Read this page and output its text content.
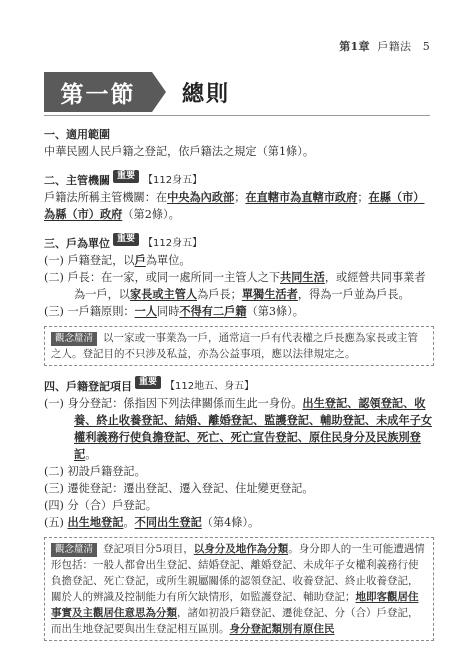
第1章 戶籍法 5
第一節	總則
一、適用範圍

中華民國人民戶籍之登記，依戶籍法之規定（第1條）。

二、主管機關 重要 【112身五】

戶籍法所稱主管機關：在中央為內政部；在直轄市為直轄市政府；在縣（市）為縣（市）政府（第2條）。

三、戶為單位 重要 【112身五】

(一) 戶籍登記，以戶為單位。

(二) 戶長：在一家，或同一處所同一主管人之下共同生活，或經營共同事業者為一戶，以家長或主管人為戶長；單獨生活者，得為一戶並為戶長。

(三) 一戶籍原則：一人同時不得有二戶籍（第3條）。

觀念釐清 以一家或一事業為一戶，通常這一戶有代表權之戶長應為家長或主管之人。登記目的不只涉及私益，亦為公益事項，應以法律規定之。
四、戶籍登記項目 重要 【112地五、身五】

(一) 身分登記：係指因下列法律關係而生此一身份。出生登記、認領登記、收養、終止收養登記、結婚、離婚登記、監護登記、輔助登記、未成年子女權利義務行使負擔登記、死亡、死亡宣告登記、原住民身分及民族別登記。

(二) 初設戶籍登記。

(三) 遷徙登記：遷出登記、遷入登記、住址變更登記。

(四) 分（合）戶登記。

(五) 出生地登記。不同出生登記（第4條）。

觀念釐清 登記項目分5項目，以身分及地作為分類。身分即人的一生可能遭遇情形包括：一般人都會出生登記、結婚登記、離婚登記、未成年子女權利義務行使負擔登記、死亡登記，或所生親屬關係的認領登記、收養登記、終止收養登記，關於人的辨識及控制能力有所欠缺情形，如監護登記、輔助登記；地即客觀居住事實及主觀居住意思為分類，諸如初設戶籍登記、遷徙登記、分（合）戶登記，而出生地登記要與出生登記相互區別。身分登記類別有原住民
